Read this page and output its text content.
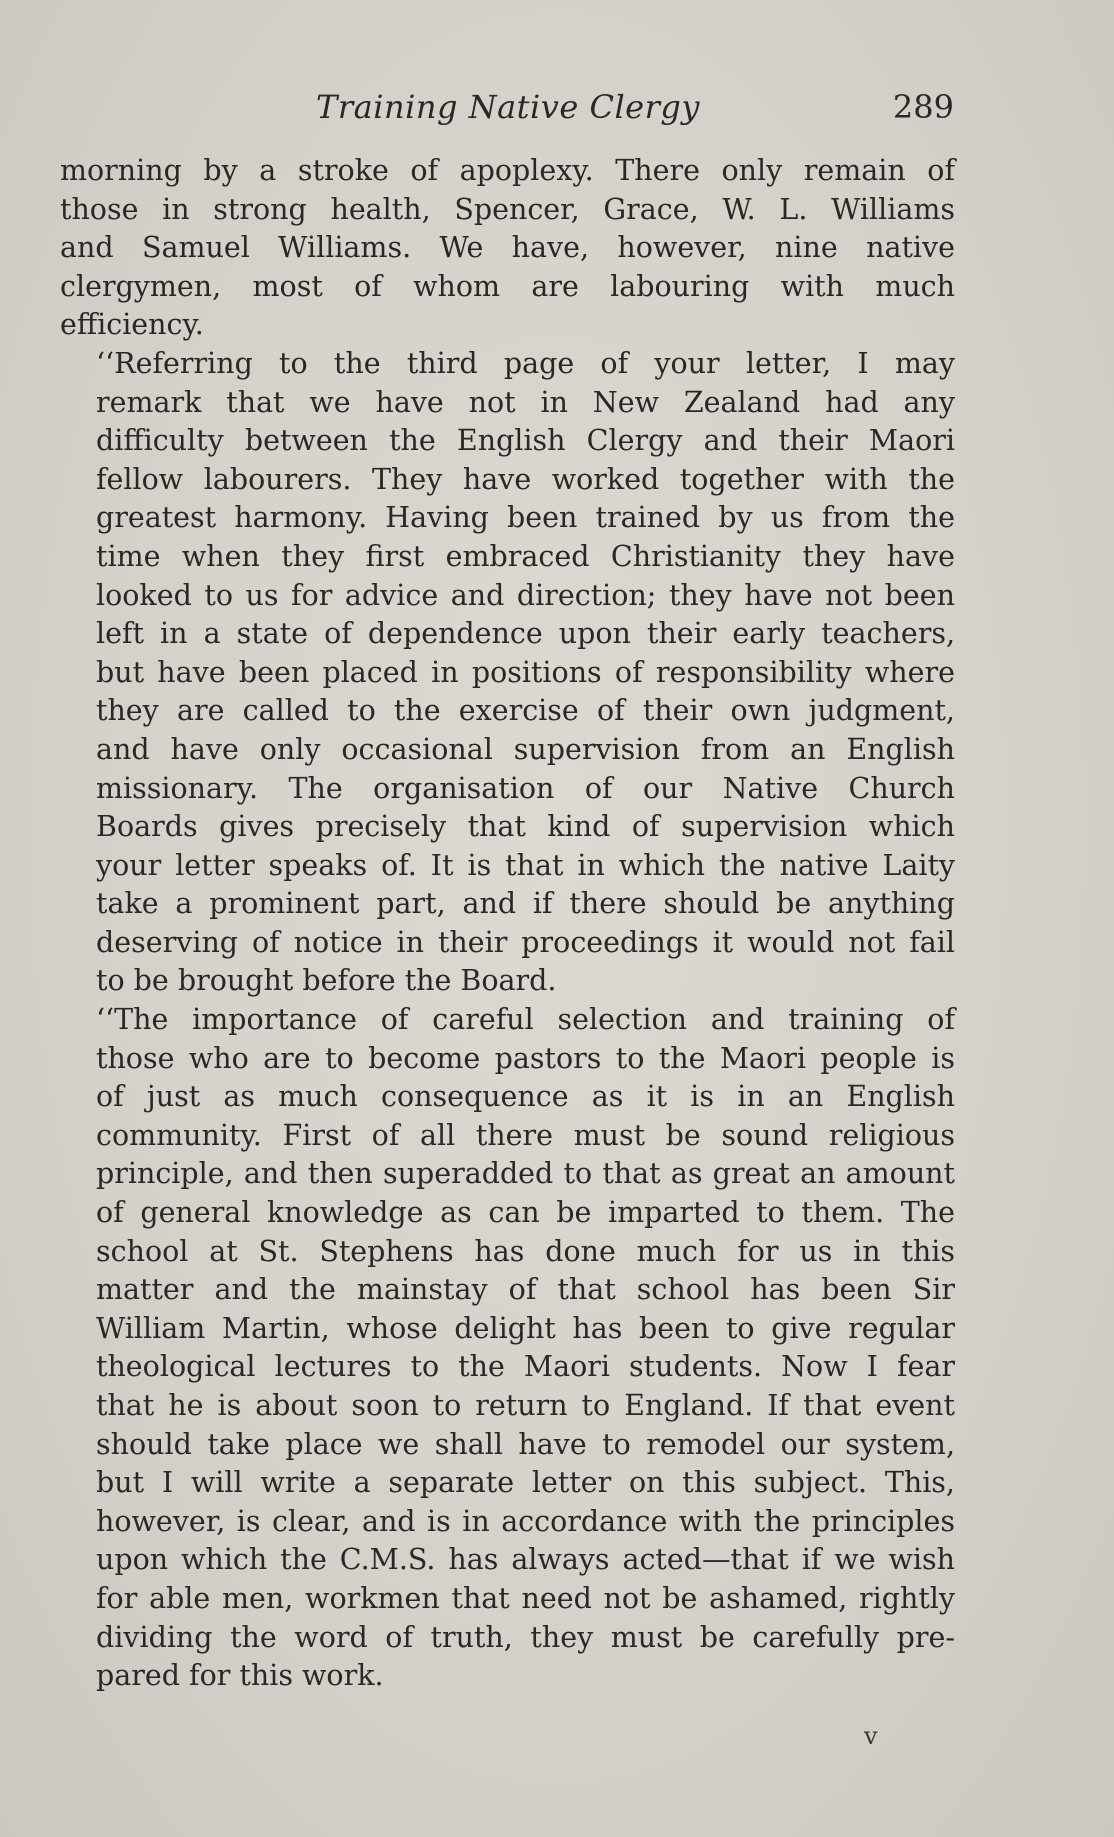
Training Native Clergy	289
morning by a stroke of apoplexy. There only remain of
those in strong health, Spencer, Grace, W. L. Williams
and Samuel Williams. We have, however, nine native
clergymen, most of whom are labouring with much
efficiency.
‘‘Referring to the third page of your letter, I may
remark that we have not in New Zealand had any
difficulty between the English Clergy and their Maori
fellow labourers. They have worked together with the
greatest harmony. Having been trained by us from the
time when they first embraced Christianity they have
looked to us for advice and direction; they have not been
left in a state of dependence upon their early teachers,
but have been placed in positions of responsibility where
they are called to the exercise of their own judgment,
and have only occasional supervision from an English
missionary. The organisation of our Native Church
Boards gives precisely that kind of supervision which
your letter speaks of. It is that in which the native Laity
take a prominent part, and if there should be anything
deserving of notice in their proceedings it would not fail
to be brought before the Board.
‘‘The importance of careful selection and training of
those who are to become pastors to the Maori people is
of just as much consequence as it is in an English
community. First of all there must be sound religious
principle, and then superadded to that as great an amount
of general knowledge as can be imparted to them. The
school at St. Stephens has done much for us in this
matter and the mainstay of that school has been Sir
William Martin, whose delight has been to give regular
theological lectures to the Maori students. Now I fear
that he is about soon to return to England. If that event
should take place we shall have to remodel our system,
but I will write a separate letter on this subject. This,
however, is clear, and is in accordance with the principles
upon which the C.M.S. has always acted—that if we wish
for able men, workmen that need not be ashamed, rightly
dividing the word of truth, they must be carefully pre-
pared for this work.
v
